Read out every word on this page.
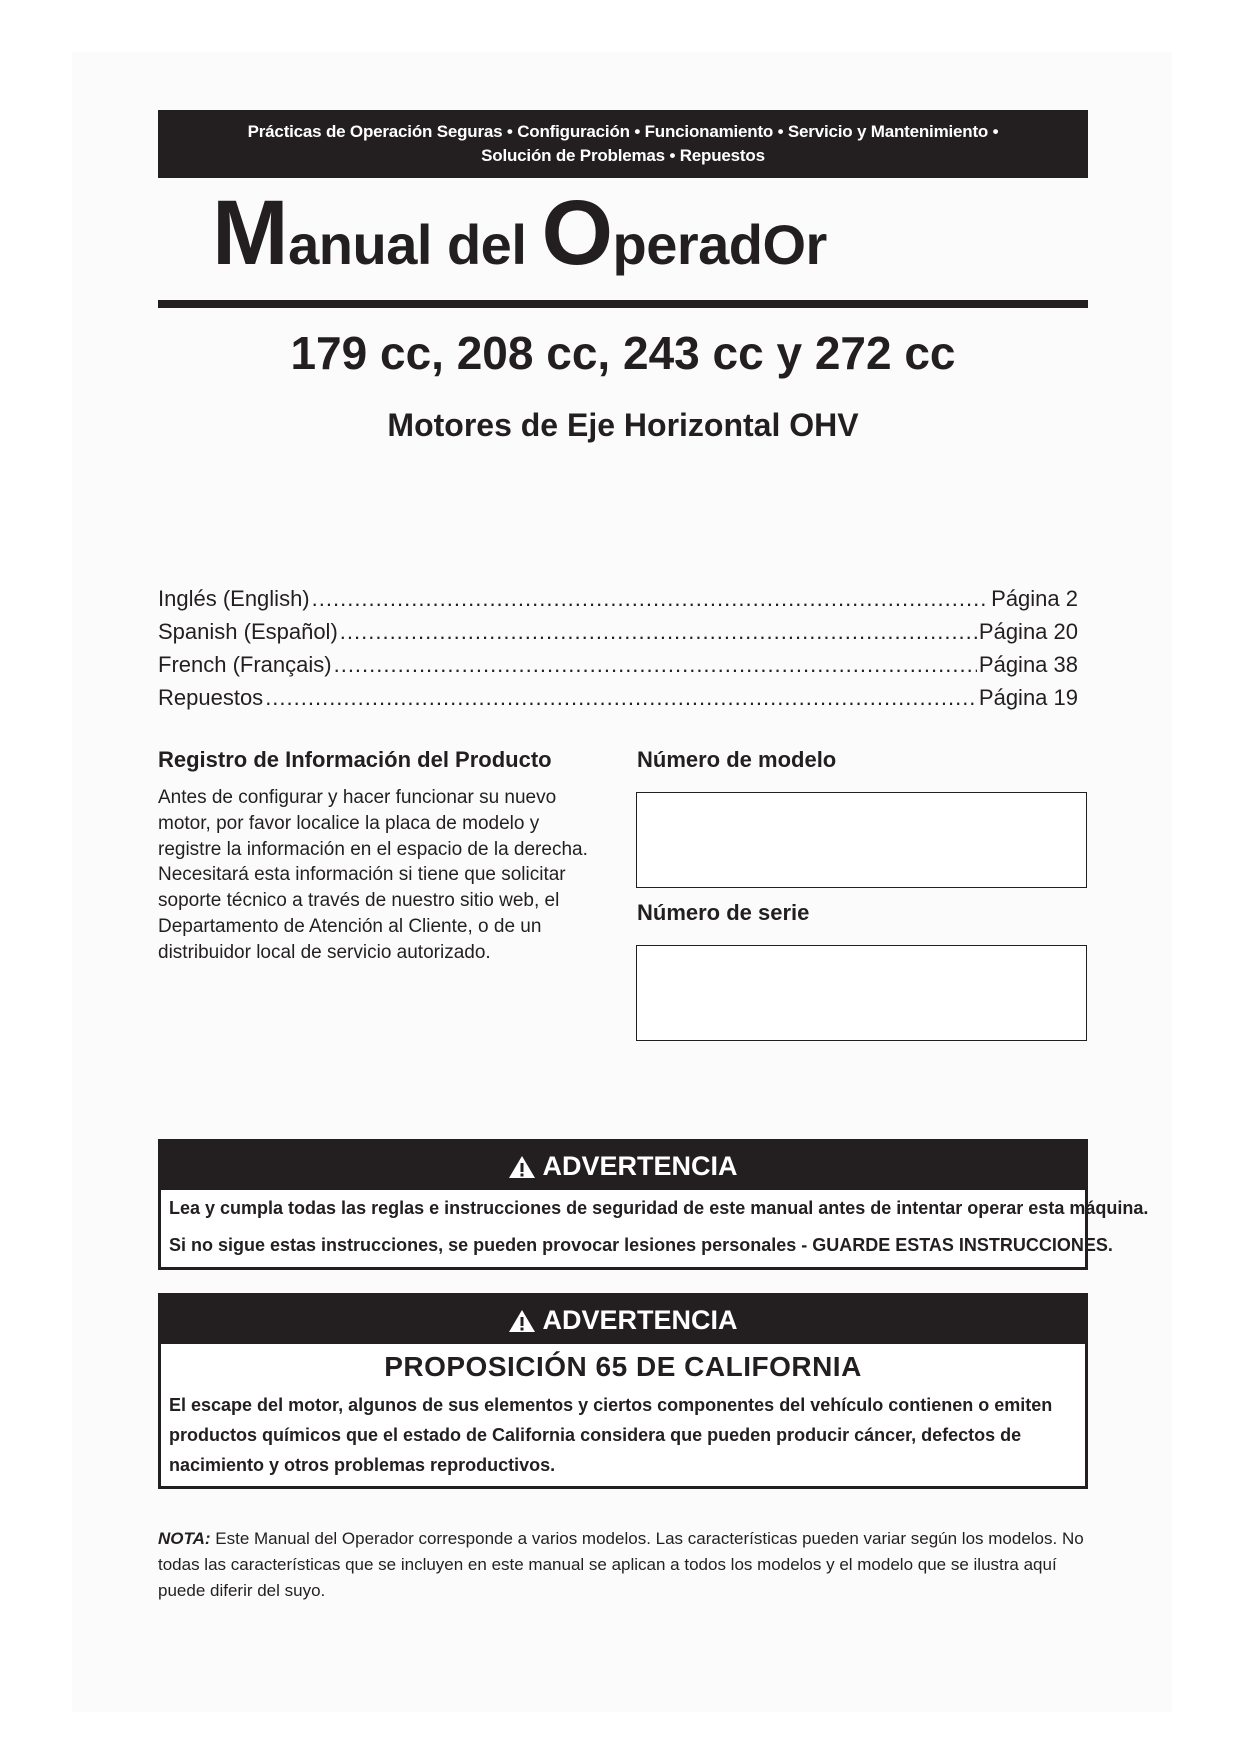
Prácticas de Operación Seguras • Configuración • Funcionamiento • Servicio y Mantenimiento •
Solución de Problemas • Repuestos
Manual del OperadOr
179 cc, 208 cc, 243 cc y 272 cc
Motores de Eje Horizontal OHV
Inglés (English) .....	Página 2
Spanish (Español) .....	Página 20
French (Français) .....	Página 38
Repuestos .....	Página 19
Registro de Información del Producto
Antes de configurar y hacer funcionar su nuevo motor, por favor localice la placa de modelo y registre la información en el espacio de la derecha. Necesitará esta información si tiene que solicitar soporte técnico a través de nuestro sitio web, el Departamento de Atención al Cliente, o de un distribuidor local de servicio autorizado.
Número de modelo
Número de serie
ADVERTENCIA
Lea y cumpla todas las reglas e instrucciones de seguridad de este manual antes de intentar operar esta máquina.
Si no sigue estas instrucciones, se pueden provocar lesiones personales - GUARDE ESTAS INSTRUCCIONES.
ADVERTENCIA
PROPOSICIÓN 65 DE CALIFORNIA
El escape del motor, algunos de sus elementos y ciertos componentes del vehículo contienen o emiten productos químicos que el estado de California considera que pueden producir cáncer, defectos de nacimiento y otros problemas reproductivos.
NOTA: Este Manual del Operador corresponde a varios modelos. Las características pueden variar según los modelos. No todas las características que se incluyen en este manual se aplican a todos los modelos y el modelo que se ilustra aquí puede diferir del suyo.
